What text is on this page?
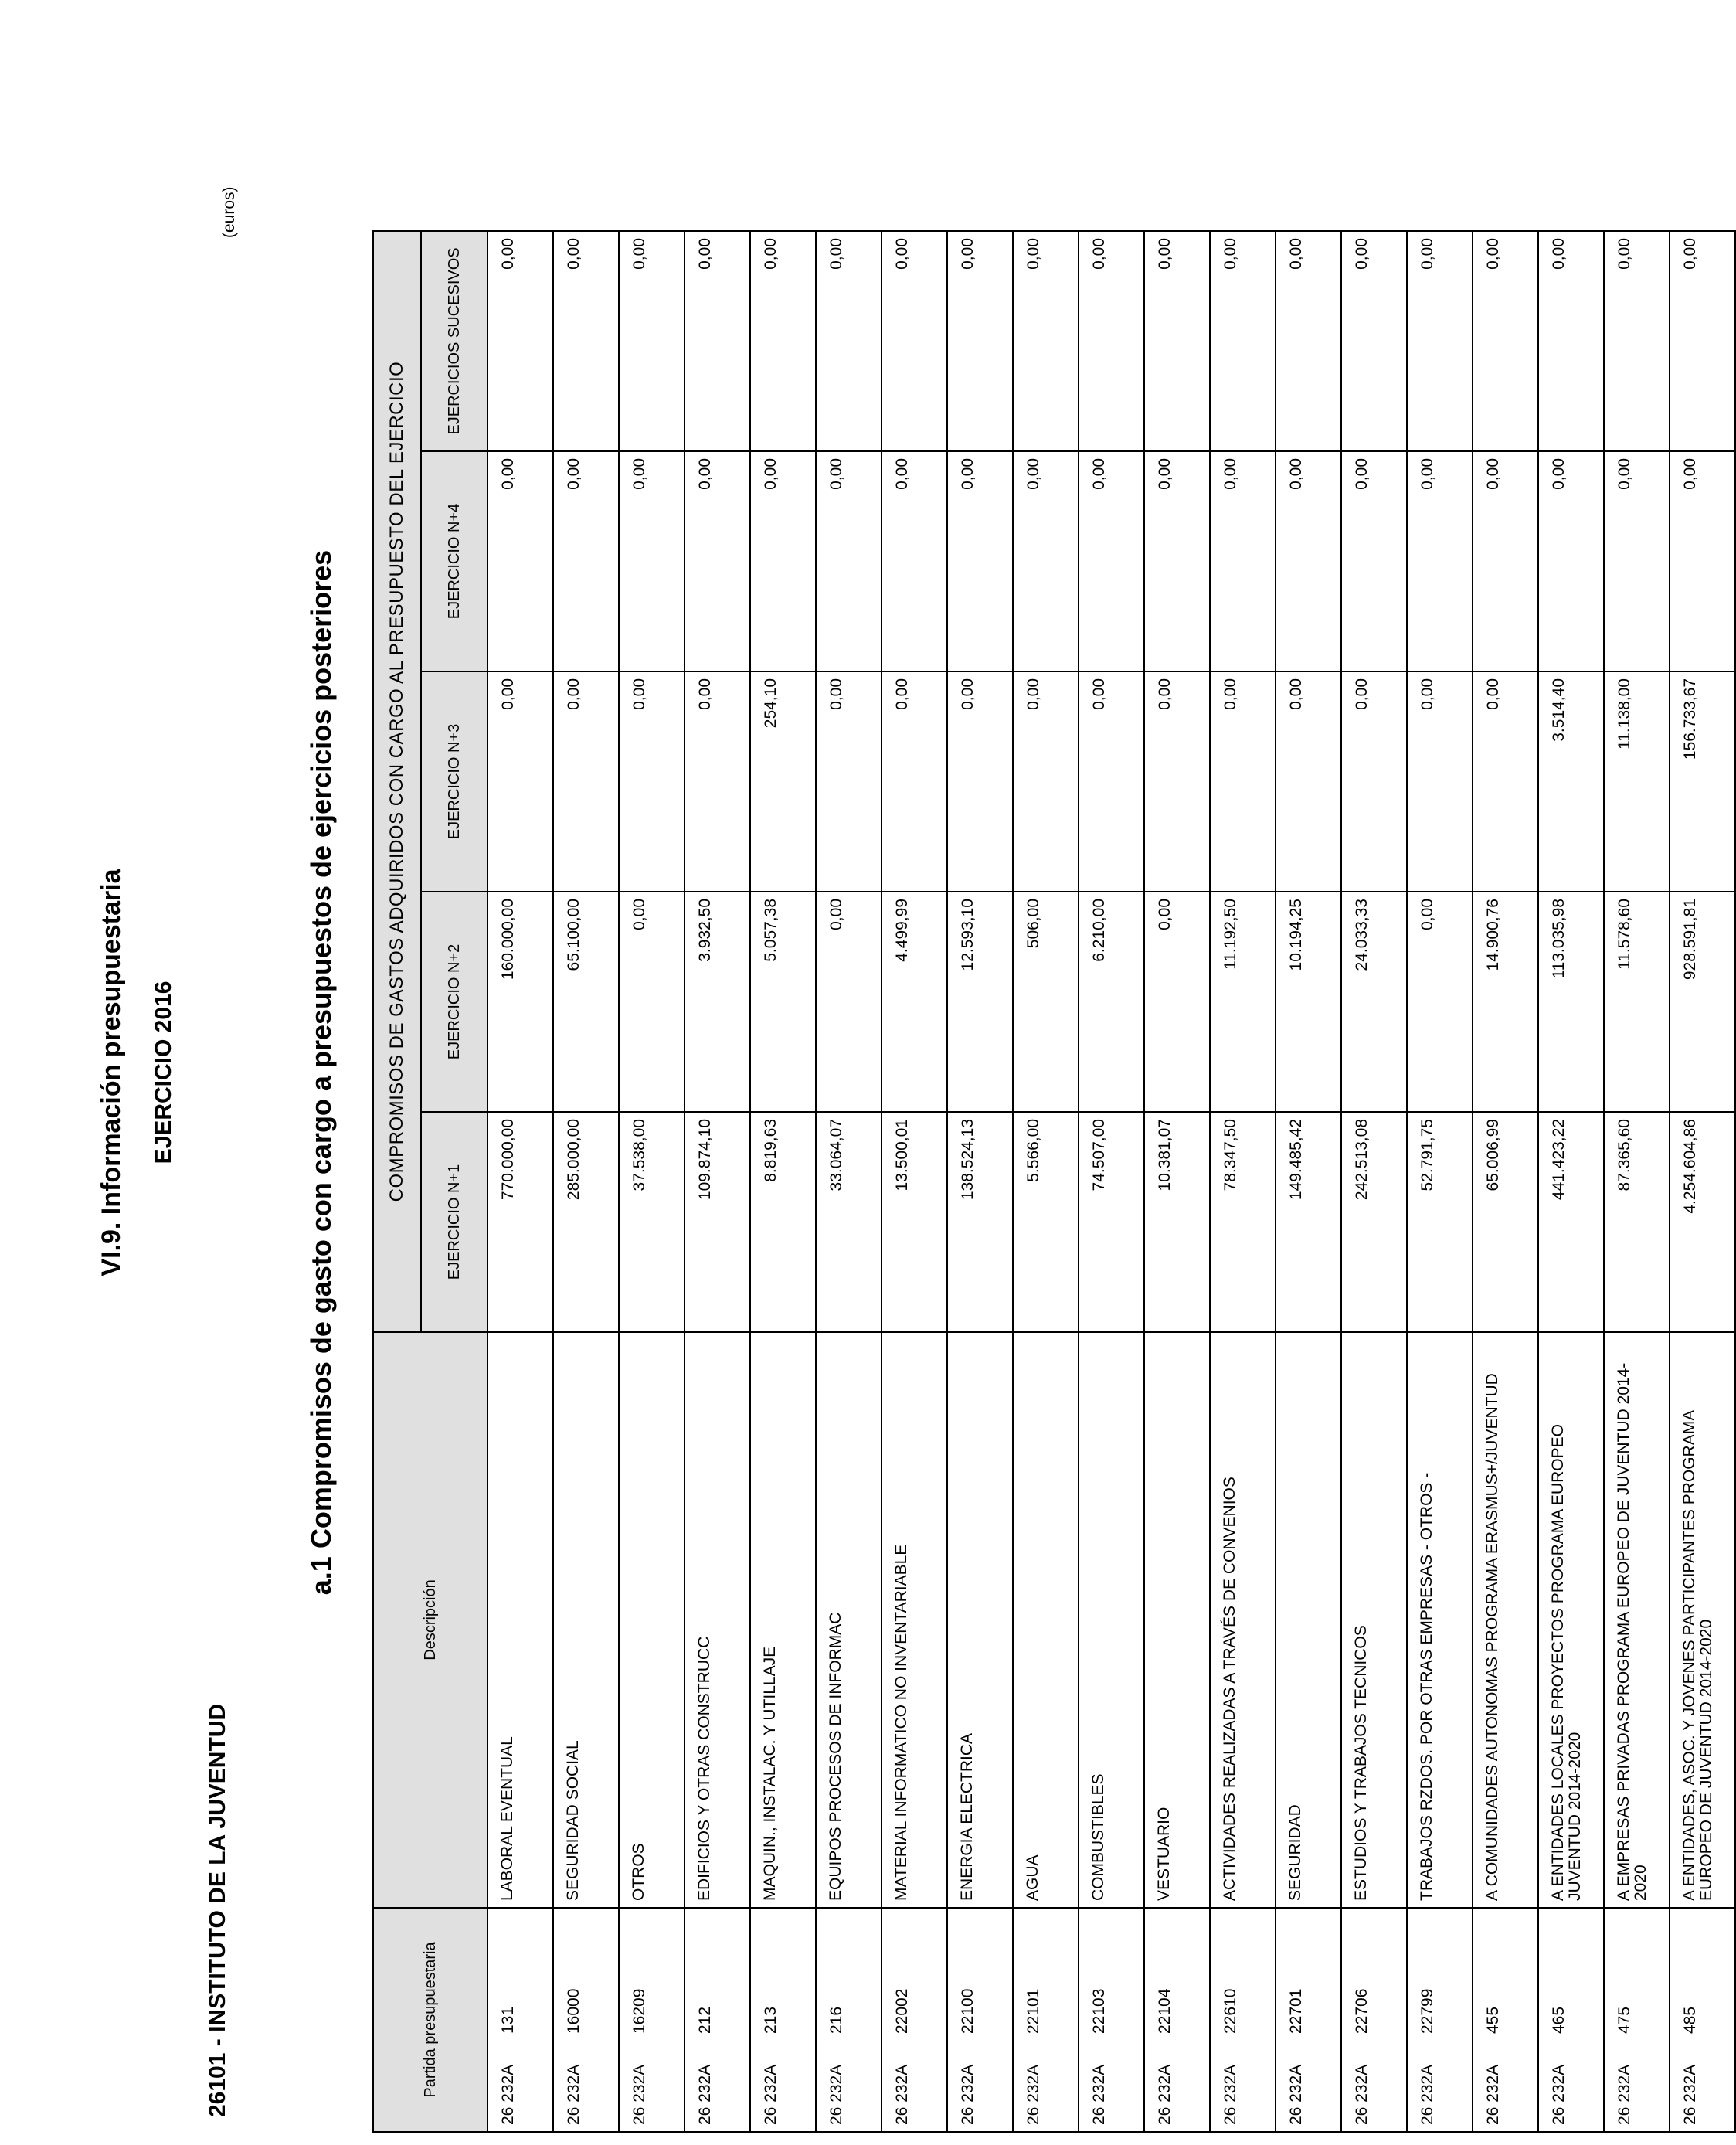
VI.9. Información presupuestaria EJERCICIO 2016
26101 - INSTITUTO DE LA JUVENTUD
(euros)
a.1 Compromisos de gasto con cargo a presupuestos de ejercicios posteriores
Partida presupuestaria	Descripción	COMPROMISOS DE GASTOS ADQUIRIDOS CON CARGO AL PRESUPUESTO DEL EJERCICIO				
		EJERCICIO N+1	EJERCICIO N+2	EJERCICIO N+3	EJERCICIO N+4	EJERCICIOS SUCESIVOS
26 232A131	LABORAL EVENTUAL	770.000,00	160.000,00	0,00	0,00	0,00
26 232A16000	SEGURIDAD SOCIAL	285.000,00	65.100,00	0,00	0,00	0,00
26 232A16209	OTROS	37.538,00	0,00	0,00	0,00	0,00
26 232A212	EDIFICIOS Y OTRAS CONSTRUCC	109.874,10	3.932,50	0,00	0,00	0,00
26 232A213	MAQUIN., INSTALAC. Y UTILLAJE	8.819,63	5.057,38	254,10	0,00	0,00
26 232A216	EQUIPOS PROCESOS DE INFORMAC	33.064,07	0,00	0,00	0,00	0,00
26 232A22002	MATERIAL INFORMATICO NO INVENTARIABLE	13.500,01	4.499,99	0,00	0,00	0,00
26 232A22100	ENERGIA ELECTRICA	138.524,13	12.593,10	0,00	0,00	0,00
26 232A22101	AGUA	5.566,00	506,00	0,00	0,00	0,00
26 232A22103	COMBUSTIBLES	74.507,00	6.210,00	0,00	0,00	0,00
26 232A22104	VESTUARIO	10.381,07	0,00	0,00	0,00	0,00
26 232A22610	ACTIVIDADES REALIZADAS A TRAVÉS DE CONVENIOS	78.347,50	11.192,50	0,00	0,00	0,00
26 232A22701	SEGURIDAD	149.485,42	10.194,25	0,00	0,00	0,00
26 232A22706	ESTUDIOS Y TRABAJOS TECNICOS	242.513,08	24.033,33	0,00	0,00	0,00
26 232A22799	TRABAJOS RZDOS. POR OTRAS EMPRESAS - OTROS -	52.791,75	0,00	0,00	0,00	0,00
26 232A455	A COMUNIDADES AUTONOMAS PROGRAMA ERASMUS+/JUVENTUD	65.006,99	14.900,76	0,00	0,00	0,00
26 232A465	A ENTIDADES LOCALES PROYECTOS PROGRAMA EUROPEO JUVENTUD 2014-2020	441.423,22	113.035,98	3.514,40	0,00	0,00
26 232A475	A EMPRESAS PRIVADAS PROGRAMA EUROPEO DE JUVENTUD 2014-2020	87.365,60	11.578,60	11.138,00	0,00	0,00
26 232A485	A ENTIDADES, ASOC. Y JOVENES PARTICIPANTES PROGRAMA EUROPEO DE JUVENTUD 2014-2020	4.254.604,86	928.591,81	156.733,67	0,00	0,00
